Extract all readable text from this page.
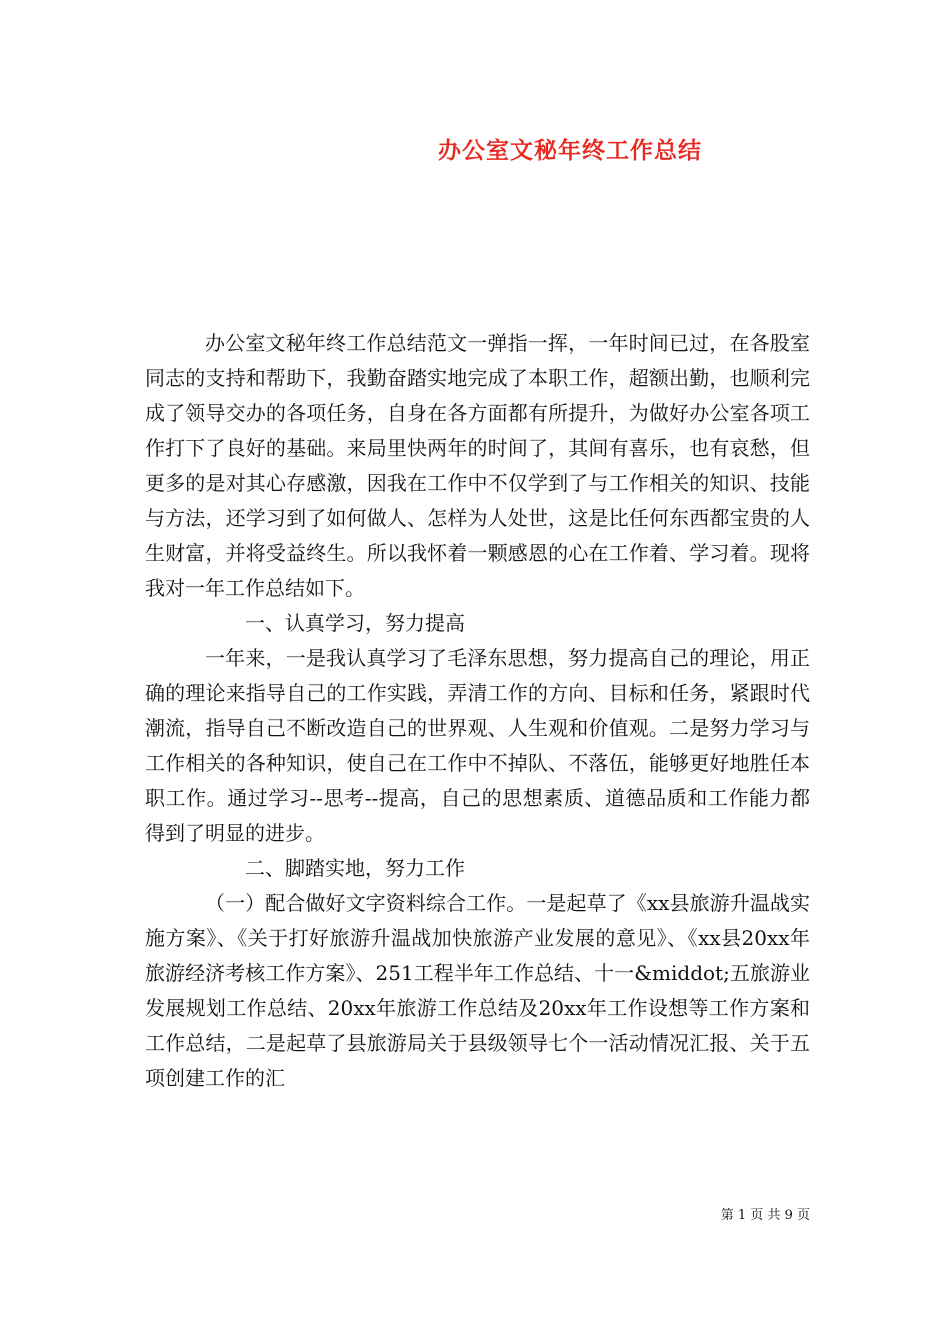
办公室文秘年终工作总结

办公室文秘年终工作总结范文一弹指一挥，一年时间已过，在各股室同志的支持和帮助下，我勤奋踏实地完成了本职工作，超额出勤，也顺利完成了领导交办的各项任务，自身在各方面都有所提升，为做好办公室各项工作打下了良好的基础。来局里快两年的时间了，其间有喜乐，也有哀愁，但更多的是对其心存感激，因我在工作中不仅学到了与工作相关的知识、技能与方法，还学习到了如何做人、怎样为人处世，这是比任何东西都宝贵的人生财富，并将受益终生。所以我怀着一颗感恩的心在工作着、学习着。现将我对一年工作总结如下。

一、认真学习，努力提高

一年来，一是我认真学习了毛泽东思想，努力提高自己的理论，用正确的理论来指导自己的工作实践，弄清工作的方向、目标和任务，紧跟时代潮流，指导自己不断改造自己的世界观、人生观和价值观。二是努力学习与工作相关的各种知识，使自己在工作中不掉队、不落伍，能够更好地胜任本职工作。通过学习--思考--提高，自己的思想素质、道德品质和工作能力都得到了明显的进步。

二、脚踏实地，努力工作

（一）配合做好文字资料综合工作。一是起草了《xx县旅游升温战实施方案》、《关于打好旅游升温战加快旅游产业发展的意见》、《xx县20xx年旅游经济考核工作方案》、251工程半年工作总结、十一&middot;五旅游业发展规划工作总结、20xx年旅游工作总结及20xx年工作设想等工作方案和工作总结，二是起草了县旅游局关于县级领导七个一活动情况汇报、关于五项创建工作的汇

第 1 页 共 9 页
